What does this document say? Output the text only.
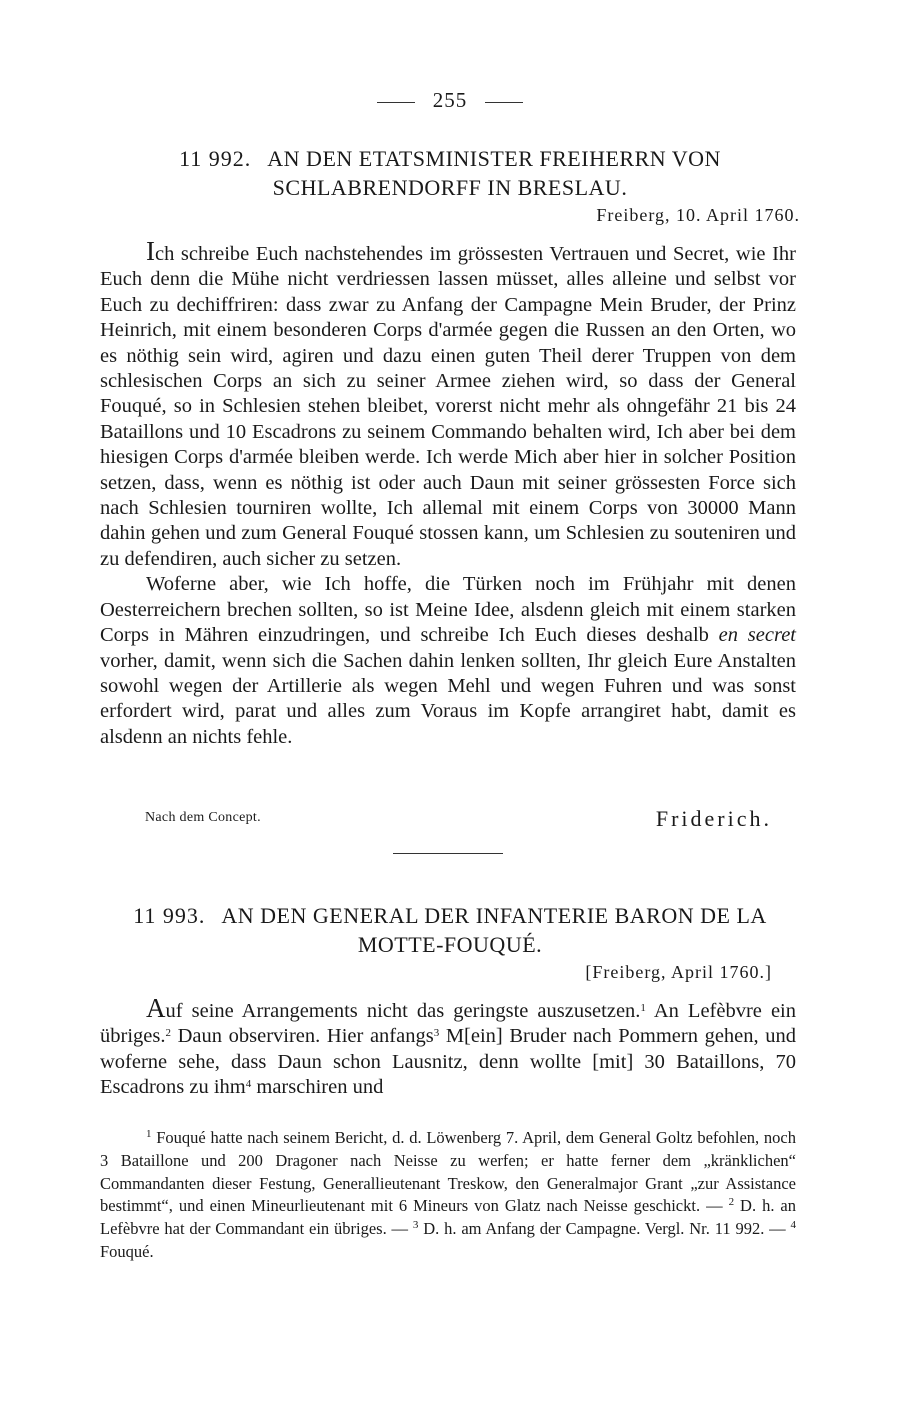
255
11 992. AN DEN ETATSMINISTER FREIHERRN VON SCHLABRENDORFF IN BRESLAU.
Freiberg, 10. April 1760.

Ich schreibe Euch nachstehendes im grössesten Vertrauen und Secret, wie Ihr Euch denn die Mühe nicht verdriessen lassen müsset, alles alleine und selbst vor Euch zu dechiffriren: dass zwar zu Anfang der Campagne Mein Bruder, der Prinz Heinrich, mit einem besonderen Corps d'armée gegen die Russen an den Orten, wo es nöthig sein wird, agiren und dazu einen guten Theil derer Truppen von dem schlesischen Corps an sich zu seiner Armee ziehen wird, so dass der General Fouqué, so in Schlesien stehen bleibet, vorerst nicht mehr als ohngefähr 21 bis 24 Bataillons und 10 Escadrons zu seinem Commando behalten wird, Ich aber bei dem hiesigen Corps d'armée bleiben werde. Ich werde Mich aber hier in solcher Position setzen, dass, wenn es nöthig ist oder auch Daun mit seiner grössesten Force sich nach Schlesien tourniren wollte, Ich allemal mit einem Corps von 30000 Mann dahin gehen und zum General Fouqué stossen kann, um Schlesien zu souteniren und zu defendiren, auch sicher zu setzen.

Woferne aber, wie Ich hoffe, die Türken noch im Frühjahr mit denen Oesterreichern brechen sollten, so ist Meine Idee, alsdenn gleich mit einem starken Corps in Mähren einzudringen, und schreibe Ich Euch dieses deshalb en secret vorher, damit, wenn sich die Sachen dahin lenken sollten, Ihr gleich Eure Anstalten sowohl wegen der Artillerie als wegen Mehl und wegen Fuhren und was sonst erfordert wird, parat und alles zum Voraus im Kopfe arrangiret habt, damit es alsdenn an nichts fehle.

Nach dem Concept.	Friderich.
11 993. AN DEN GENERAL DER INFANTERIE BARON DE LA MOTTE-FOUQUÉ.
[Freiberg, April 1760.]

Auf seine Arrangements nicht das geringste auszusetzen.$^1$ An Lefèbvre ein übriges.$^2$ Daun observiren. Hier anfangs$^3$ M[ein] Bruder nach Pommern gehen, und woferne sehe, dass Daun schon Lausnitz, denn wollte [mit] 30 Bataillons, 70 Escadrons zu ihm$^4$ marschiren und

$^1$ Fouqué hatte nach seinem Bericht, d. d. Löwenberg 7. April, dem General Goltz befohlen, noch 3 Bataillone und 200 Dragoner nach Neisse zu werfen; er hatte ferner dem „kränklichen“ Commandanten dieser Festung, Generallieutenant Treskow, den Generalmajor Grant „zur Assistance bestimmt“, und einen Mineurlieutenant mit 6 Mineurs von Glatz nach Neisse geschickt. — $^2$ D. h. an Lefèbvre hat der Commandant ein übriges. — $^3$ D. h. am Anfang der Campagne. Vergl. Nr. 11 992. — $^4$ Fouqué.
